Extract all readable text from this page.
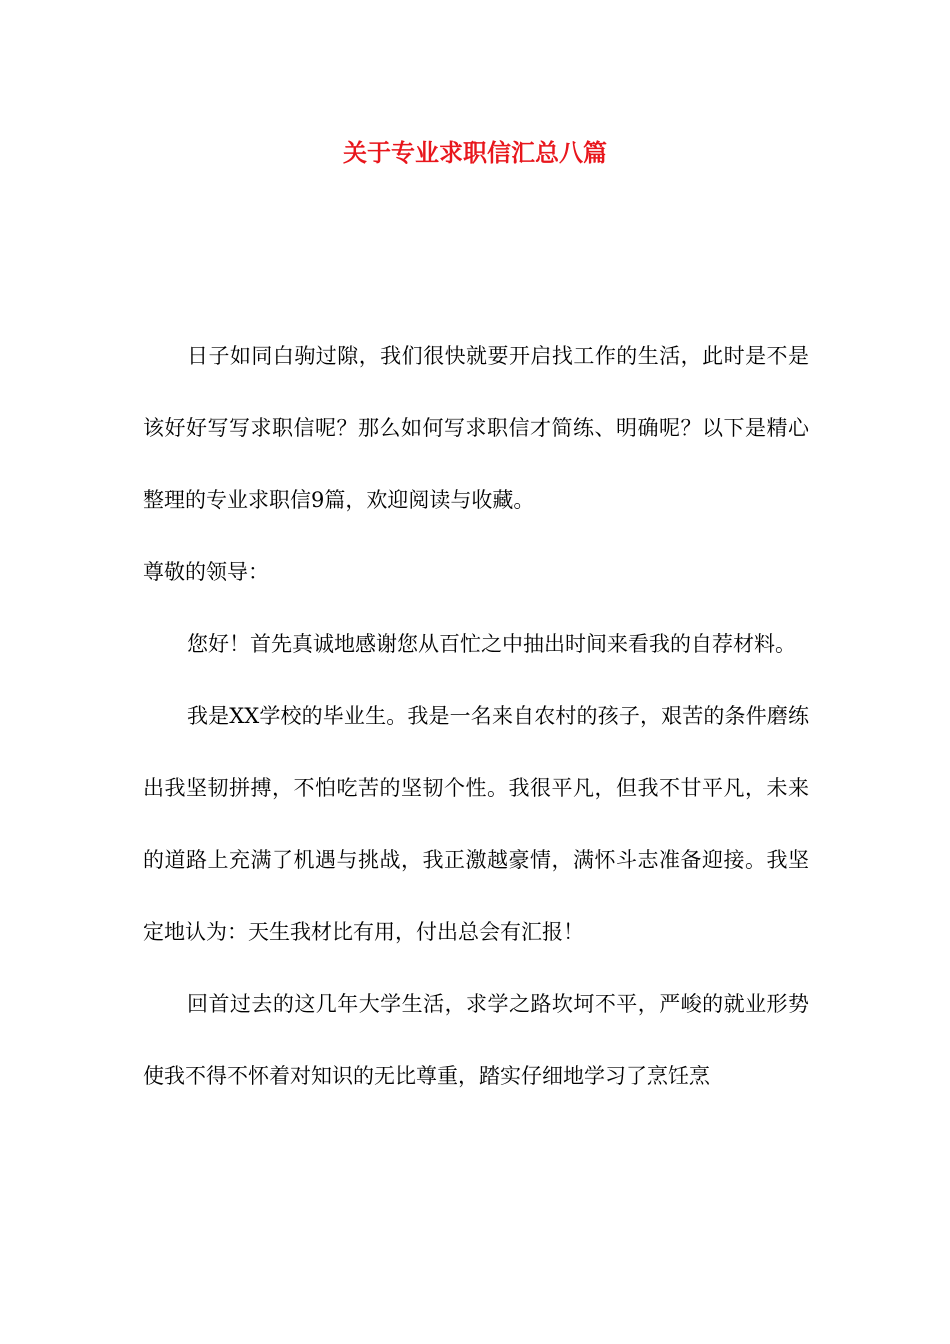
关于专业求职信汇总八篇

日子如同白驹过隙，我们很快就要开启找工作的生活，此时是不是该好好写写求职信呢？那么如何写求职信才简练、明确呢？以下是精心整理的专业求职信9篇，欢迎阅读与收藏。

尊敬的领导：

您好！首先真诚地感谢您从百忙之中抽出时间来看我的自荐材料。

我是XX学校的毕业生。我是一名来自农村的孩子，艰苦的条件磨练出我坚韧拼搏，不怕吃苦的坚韧个性。我很平凡，但我不甘平凡，未来的道路上充满了机遇与挑战，我正激越豪情，满怀斗志准备迎接。我坚定地认为：天生我材比有用，付出总会有汇报！

回首过去的这几年大学生活，求学之路坎坷不平，严峻的就业形势使我不得不怀着对知识的无比尊重，踏实仔细地学习了烹饪烹
